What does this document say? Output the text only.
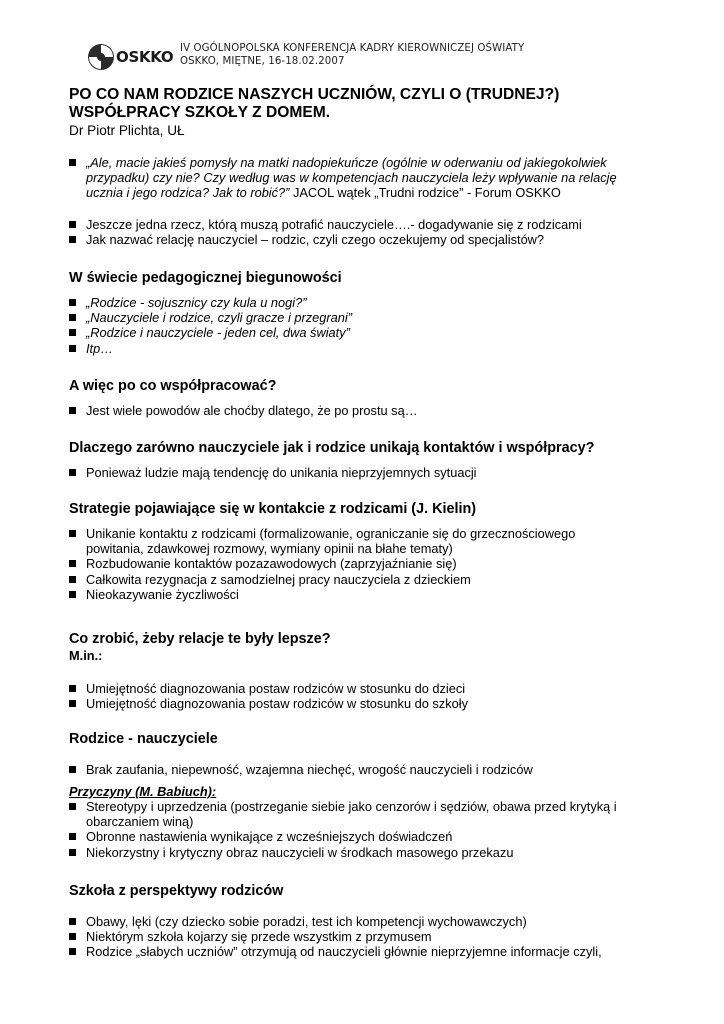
OSKKO IV OGÓLNOPOLSKA KONFERENCJA KADRY KIEROWNICZEJ OŚWIATY
OSKKO, MIĘTNE, 16-18.02.2007
PO CO NAM RODZICE NASZYCH UCZNIÓW, CZYLI O (TRUDNEJ?)
WSPÓŁPRACY SZKOŁY Z DOMEM.
Dr Piotr Plichta, UŁ
„Ale, macie jakieś pomysły na matki nadopiekuńcze (ogólnie w oderwaniu od jakiegokolwiek przypadku) czy nie? Czy według was w kompetencjach nauczyciela leży wpływanie na relację ucznia i jego rodzica? Jak to robić?” JACOL wątek „Trudni rodzice” - Forum OSKKO
Jeszcze jedna rzecz, którą muszą potrafić nauczyciele….- dogadywanie się z rodzicami
Jak nazwać relację nauczyciel – rodzic, czyli czego oczekujemy od specjalistów?
W świecie pedagogicznej biegunowości
„Rodzice - sojusznicy czy kula u nogi?”
„Nauczyciele i rodzice, czyli gracze i przegrani”
„Rodzice i nauczyciele - jeden cel, dwa światy”
Itp…
A więc po co współpracować?
Jest wiele powodów ale choćby dlatego, że po prostu są…
Dlaczego zarówno nauczyciele jak i rodzice unikają kontaktów i współpracy?
Ponieważ ludzie mają tendencję do unikania nieprzyjemnych sytuacji
Strategie pojawiające się w kontakcie z rodzicami (J. Kielin)
Unikanie kontaktu z rodzicami (formalizowanie, ograniczanie się do grzecznościowego powitania, zdawkowej rozmowy, wymiany opinii na błahe tematy)
Rozbudowanie kontaktów pozazawodowych (zaprzyjaźnianie się)
Całkowita rezygnacja z samodzielnej pracy nauczyciela z dzieckiem
Nieokazywanie życzliwości
Co zrobić, żeby relacje te były lepsze?
M.in.:
Umiejętność diagnozowania postaw rodziców w stosunku do dzieci
Umiejętność diagnozowania postaw rodziców w stosunku do szkoły
Rodzice - nauczyciele
Brak zaufania, niepewność, wzajemna niechęć, wrogość nauczycieli i rodziców
Przyczyny (M. Babiuch):
Stereotypy i uprzedzenia (postrzeganie siebie jako cenzorów i sędziów, obawa przed krytyką i obarczaniem winą)
Obronne nastawienia wynikające z wcześniejszych doświadczeń
Niekorzystny i krytyczny obraz nauczycieli w środkach masowego przekazu
Szkoła z perspektywy rodziców
Obawy, lęki (czy dziecko sobie poradzi, test ich kompetencji wychowawczych)
Niektórym szkoła kojarzy się przede wszystkim z przymusem
Rodzice „słabych uczniów” otrzymują od nauczycieli głównie nieprzyjemne informacje czyli,
